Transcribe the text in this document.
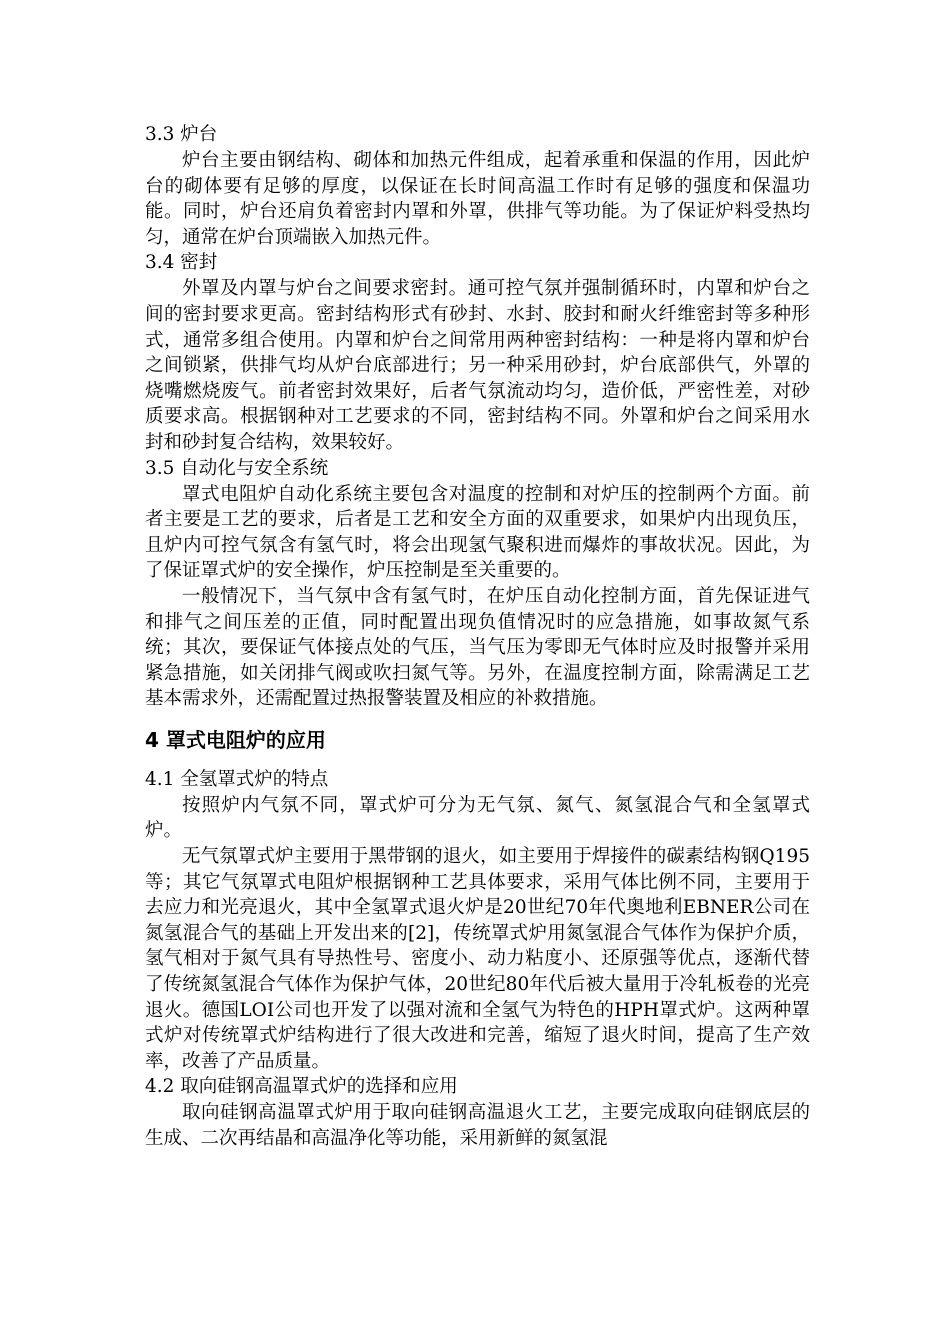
3.3 炉台

炉台主要由钢结构、砌体和加热元件组成，起着承重和保温的作用，因此炉台的砌体要有足够的厚度，以保证在长时间高温工作时有足够的强度和保温功能。同时，炉台还肩负着密封内罩和外罩，供排气等功能。为了保证炉料受热均匀，通常在炉台顶端嵌入加热元件。

3.4 密封

外罩及内罩与炉台之间要求密封。通可控气氛并强制循环时，内罩和炉台之间的密封要求更高。密封结构形式有砂封、水封、胶封和耐火纤维密封等多种形式，通常多组合使用。内罩和炉台之间常用两种密封结构：一种是将内罩和炉台之间锁紧，供排气均从炉台底部进行；另一种采用砂封，炉台底部供气，外罩的烧嘴燃烧废气。前者密封效果好，后者气氛流动均匀，造价低，严密性差，对砂质要求高。根据钢种对工艺要求的不同，密封结构不同。外罩和炉台之间采用水封和砂封复合结构，效果较好。

3.5 自动化与安全系统

罩式电阻炉自动化系统主要包含对温度的控制和对炉压的控制两个方面。前者主要是工艺的要求，后者是工艺和安全方面的双重要求，如果炉内出现负压，且炉内可控气氛含有氢气时，将会出现氢气聚积进而爆炸的事故状况。因此，为了保证罩式炉的安全操作，炉压控制是至关重要的。

一般情况下，当气氛中含有氢气时，在炉压自动化控制方面，首先保证进气和排气之间压差的正值，同时配置出现负值情况时的应急措施，如事故氮气系统；其次，要保证气体接点处的气压，当气压为零即无气体时应及时报警并采用紧急措施，如关闭排气阀或吹扫氮气等。另外，在温度控制方面，除需满足工艺基本需求外，还需配置过热报警装置及相应的补救措施。

4 罩式电阻炉的应用
4.1 全氢罩式炉的特点

按照炉内气氛不同，罩式炉可分为无气氛、氮气、氮氢混合气和全氢罩式炉。

无气氛罩式炉主要用于黑带钢的退火，如主要用于焊接件的碳素结构钢Q195等；其它气氛罩式电阻炉根据钢种工艺具体要求，采用气体比例不同，主要用于去应力和光亮退火，其中全氢罩式退火炉是20世纪70年代奥地利EBNER公司在氮氢混合气的基础上开发出来的[2]，传统罩式炉用氮氢混合气体作为保护介质，氢气相对于氮气具有导热性号、密度小、动力粘度小、还原强等优点，逐渐代替了传统氮氢混合气体作为保护气体，20世纪80年代后被大量用于冷轧板卷的光亮退火。德国LOI公司也开发了以强对流和全氢气为特色的HPH罩式炉。这两种罩式炉对传统罩式炉结构进行了很大改进和完善，缩短了退火时间，提高了生产效率，改善了产品质量。

4.2 取向硅钢高温罩式炉的选择和应用

取向硅钢高温罩式炉用于取向硅钢高温退火工艺，主要完成取向硅钢底层的生成、二次再结晶和高温净化等功能，采用新鲜的氮氢混
